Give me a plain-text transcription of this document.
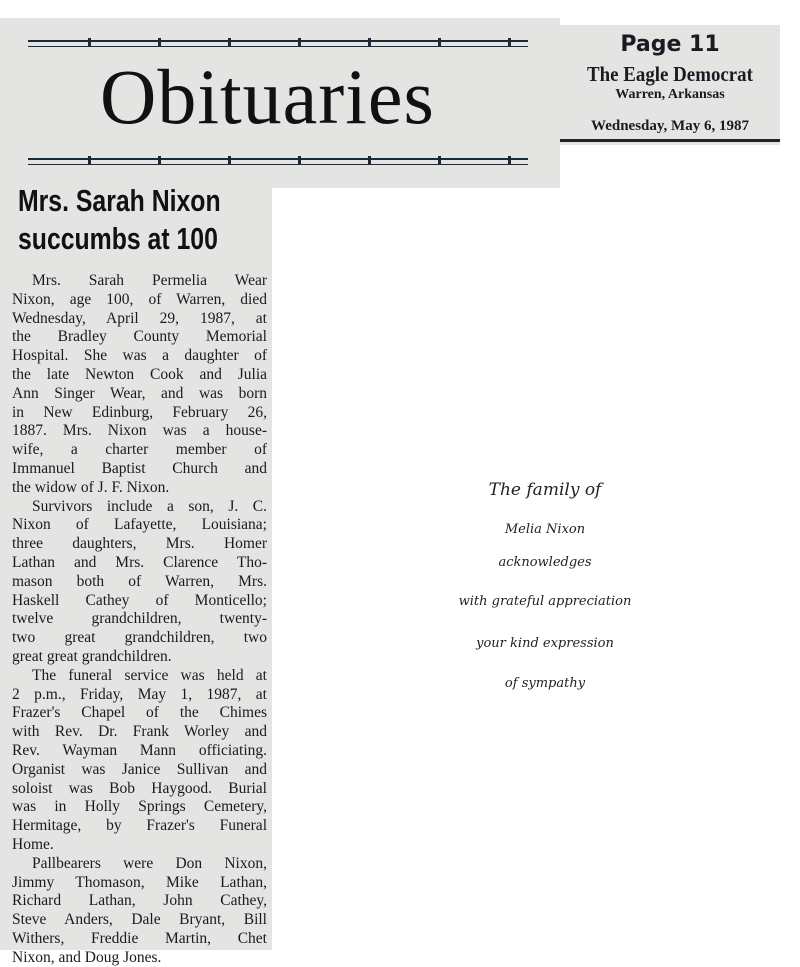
Obituaries
Page 11
The Eagle Democrat
Warren, Arkansas
Wednesday, May 6, 1987
Mrs. Sarah Nixon
succumbs at 100
Mrs. Sarah Permelia Wear
Nixon, age 100, of Warren, died
Wednesday, April 29, 1987, at
the Bradley County Memorial
Hospital. She was a daughter of
the late Newton Cook and Julia
Ann Singer Wear, and was born
in New Edinburg, February 26,
1887. Mrs. Nixon was a house-
wife, a charter member of
Immanuel Baptist Church and
the widow of J. F. Nixon.
Survivors include a son, J. C.
Nixon of Lafayette, Louisiana;
three daughters, Mrs. Homer
Lathan and Mrs. Clarence Tho-
mason both of Warren, Mrs.
Haskell Cathey of Monticello;
twelve grandchildren, twenty-
two great grandchildren, two
great great grandchildren.
The funeral service was held at
2 p.m., Friday, May 1, 1987, at
Frazer's Chapel of the Chimes
with Rev. Dr. Frank Worley and
Rev. Wayman Mann officiating.
Organist was Janice Sullivan and
soloist was Bob Haygood. Burial
was in Holly Springs Cemetery,
Hermitage, by Frazer's Funeral
Home.
Pallbearers were Don Nixon,
Jimmy Thomason, Mike Lathan,
Richard Lathan, John Cathey,
Steve Anders, Dale Bryant, Bill
Withers, Freddie Martin, Chet
Nixon, and Doug Jones.
The family of
Melia Nixon
acknowledges
with grateful appreciation
your kind expression
of sympathy
